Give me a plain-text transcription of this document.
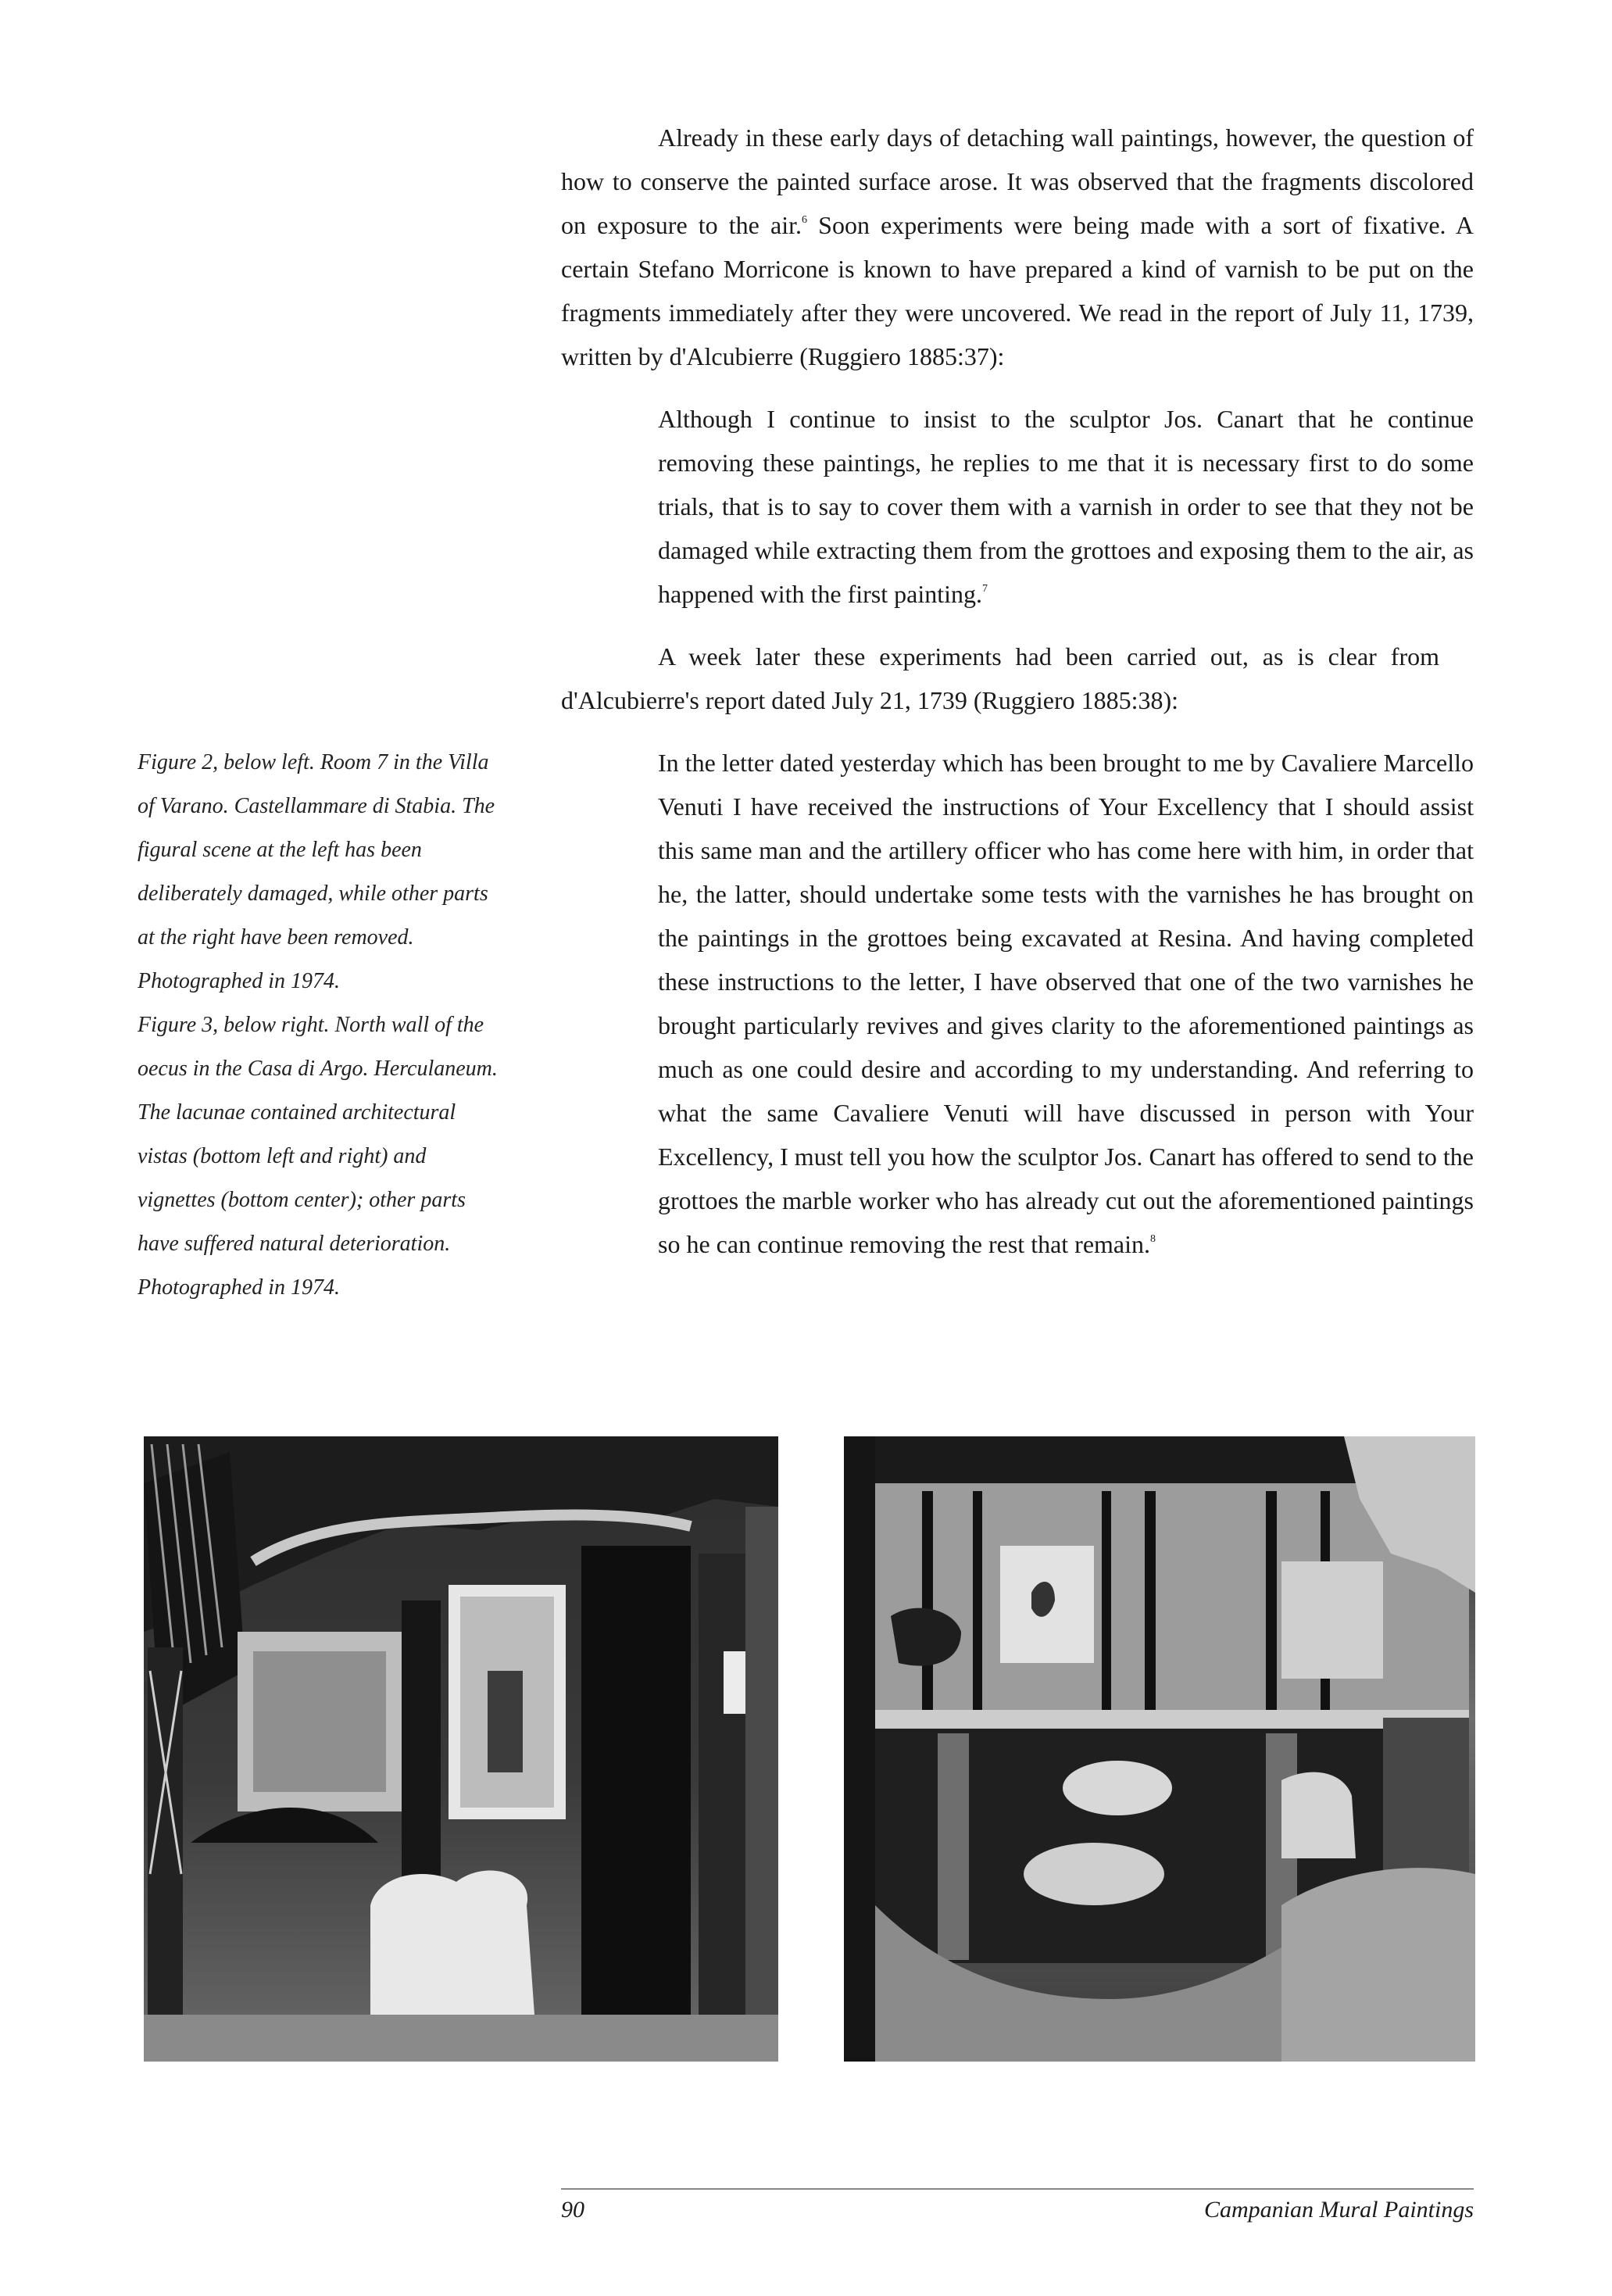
Already in these early days of detaching wall paintings, however, the question of how to conserve the painted surface arose. It was observed that the fragments discolored on exposure to the air.$^6$ Soon experiments were being made with a sort of fixative. A certain Stefano Morricone is known to have prepared a kind of varnish to be put on the fragments immediately after they were uncovered. We read in the report of July 11, 1739, written by d'Alcubierre (Ruggiero 1885:37):

Although I continue to insist to the sculptor Jos. Canart that he continue removing these paintings, he replies to me that it is necessary first to do some trials, that is to say to cover them with a varnish in order to see that they not be damaged while extracting them from the grottoes and exposing them to the air, as happened with the first painting.$^7$

A week later these experiments had been carried out, as is clear from d'Alcubierre's report dated July 21, 1739 (Ruggiero 1885:38):

In the letter dated yesterday which has been brought to me by Cavaliere Marcello Venuti I have received the instructions of Your Excellency that I should assist this same man and the artillery officer who has come here with him, in order that he, the latter, should undertake some tests with the varnishes he has brought on the paintings in the grottoes being excavated at Resina. And having completed these instructions to the letter, I have observed that one of the two varnishes he brought particularly revives and gives clarity to the aforementioned paintings as much as one could desire and according to my understanding. And referring to what the same Cavaliere Venuti will have discussed in person with Your Excellency, I must tell you how the sculptor Jos. Canart has offered to send to the grottoes the marble worker who has already cut out the aforementioned paintings so he can continue removing the rest that remain.$^8$

Figure 2, below left. Room 7 in the Villa of Varano. Castellammare di Stabia. The figural scene at the left has been deliberately damaged, while other parts at the right have been removed. Photographed in 1974.
Figure 3, below right. North wall of the oecus in the Casa di Argo. Herculaneum. The lacunae contained architectural vistas (bottom left and right) and vignettes (bottom center); other parts have suffered natural deterioration. Photographed in 1974.
90	Campanian Mural Paintings
